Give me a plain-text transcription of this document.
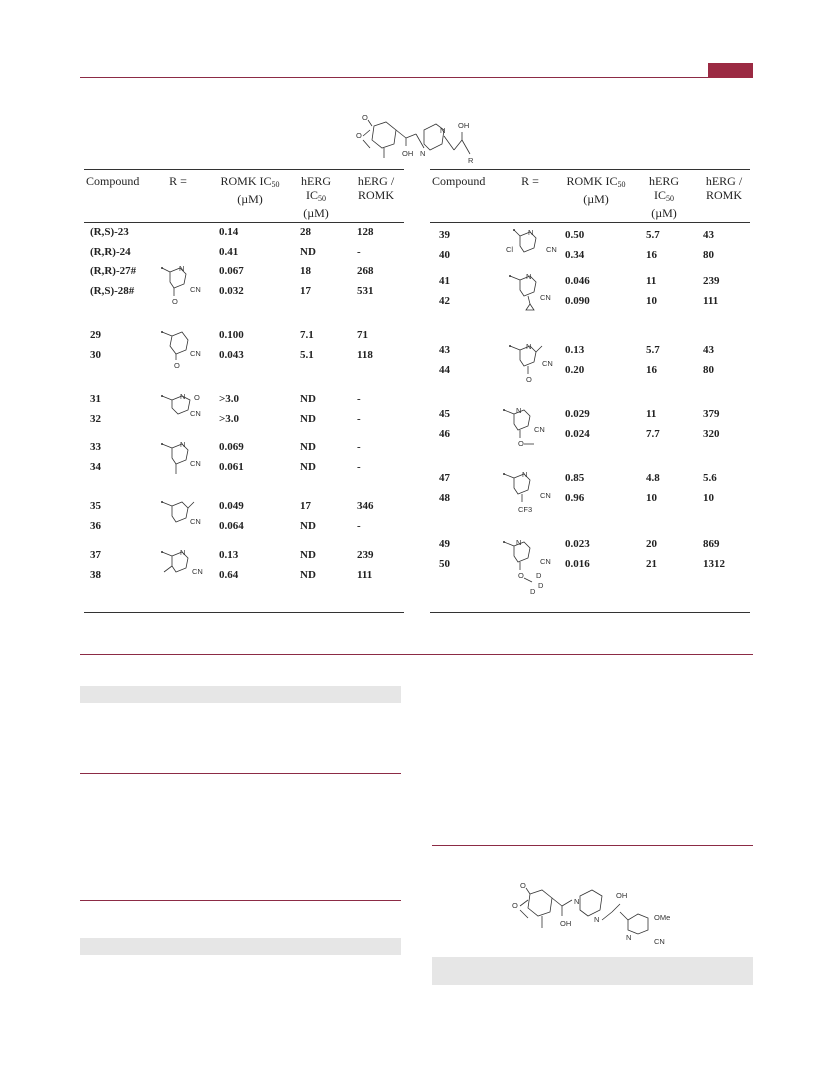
O
O
OH N
N
OH
R
Compound	R =	ROMK $IC_{50}$
(µM)
hERG
$IC_{50}$
(µM)
hERG /
ROMK
(R,S)-23	0.14	28	128
(R,R)-24	0.41	ND	-
(R,R)-27#	0.067	18	268
(R,S)-28#	0.032	17	531
29	0.100	7.1	71
30	0.043	5.1	118
31	>3.0	ND	-
32	>3.0	ND	-
33	0.069	ND	-
34	0.061	ND	-
35	0.049	17	346
36	0.064	ND	-
37	0.13	ND	239
38	0.64	ND	111
N
CN
O
CN
O
N O
CN
N
CN
CN
N
CN
Compound	R =	ROMK $IC_{50}$
(µM)
hERG
$IC_{50}$
(µM)
hERG /
ROMK
39	0.50	5.7	43
40	0.34	16	80
41	0.046	11	239
42	0.090	10	111
43	0.13	5.7	43
44	0.20	16	80
45	0.029	11	379
46	0.024	7.7	320
47	0.85	4.8	5.6
48	0.96	10	10
49	0.023	20	869
50	0.016	21	1312
N
Cl	CN
N
CN
N
CN
O
N
CN
O
N
CN
CF3
N
CN
O D
D
D
O
O
OH
N
N
OH
N
OMe
CN
